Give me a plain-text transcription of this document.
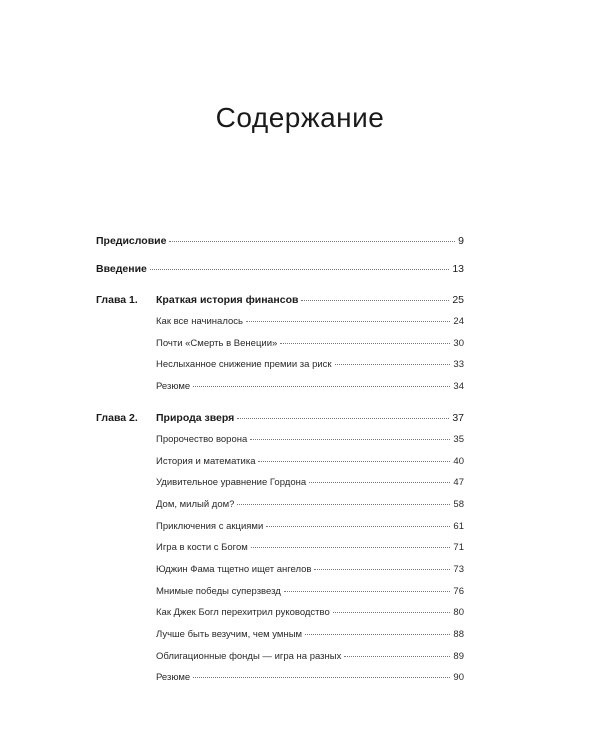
Содержание
Предисловие	9
Введение	13
Глава 1.	Краткая история финансов	25
Как все начиналось	24
Почти «Смерть в Венеции»	30
Неслыханное снижение премии за риск	33
Резюме	34
Глава 2.	Природа зверя	37
Пророчество ворона	35
История и математика	40
Удивительное уравнение Гордона	47
Дом, милый дом?	58
Приключения с акциями	61
Игра в кости с Богом	71
Юджин Фама тщетно ищет ангелов	73
Мнимые победы суперзвезд	76
Как Джек Богл перехитрил руководство	80
Лучше быть везучим, чем умным	88
Облигационные фонды — игра на разных	89
Резюме	90
